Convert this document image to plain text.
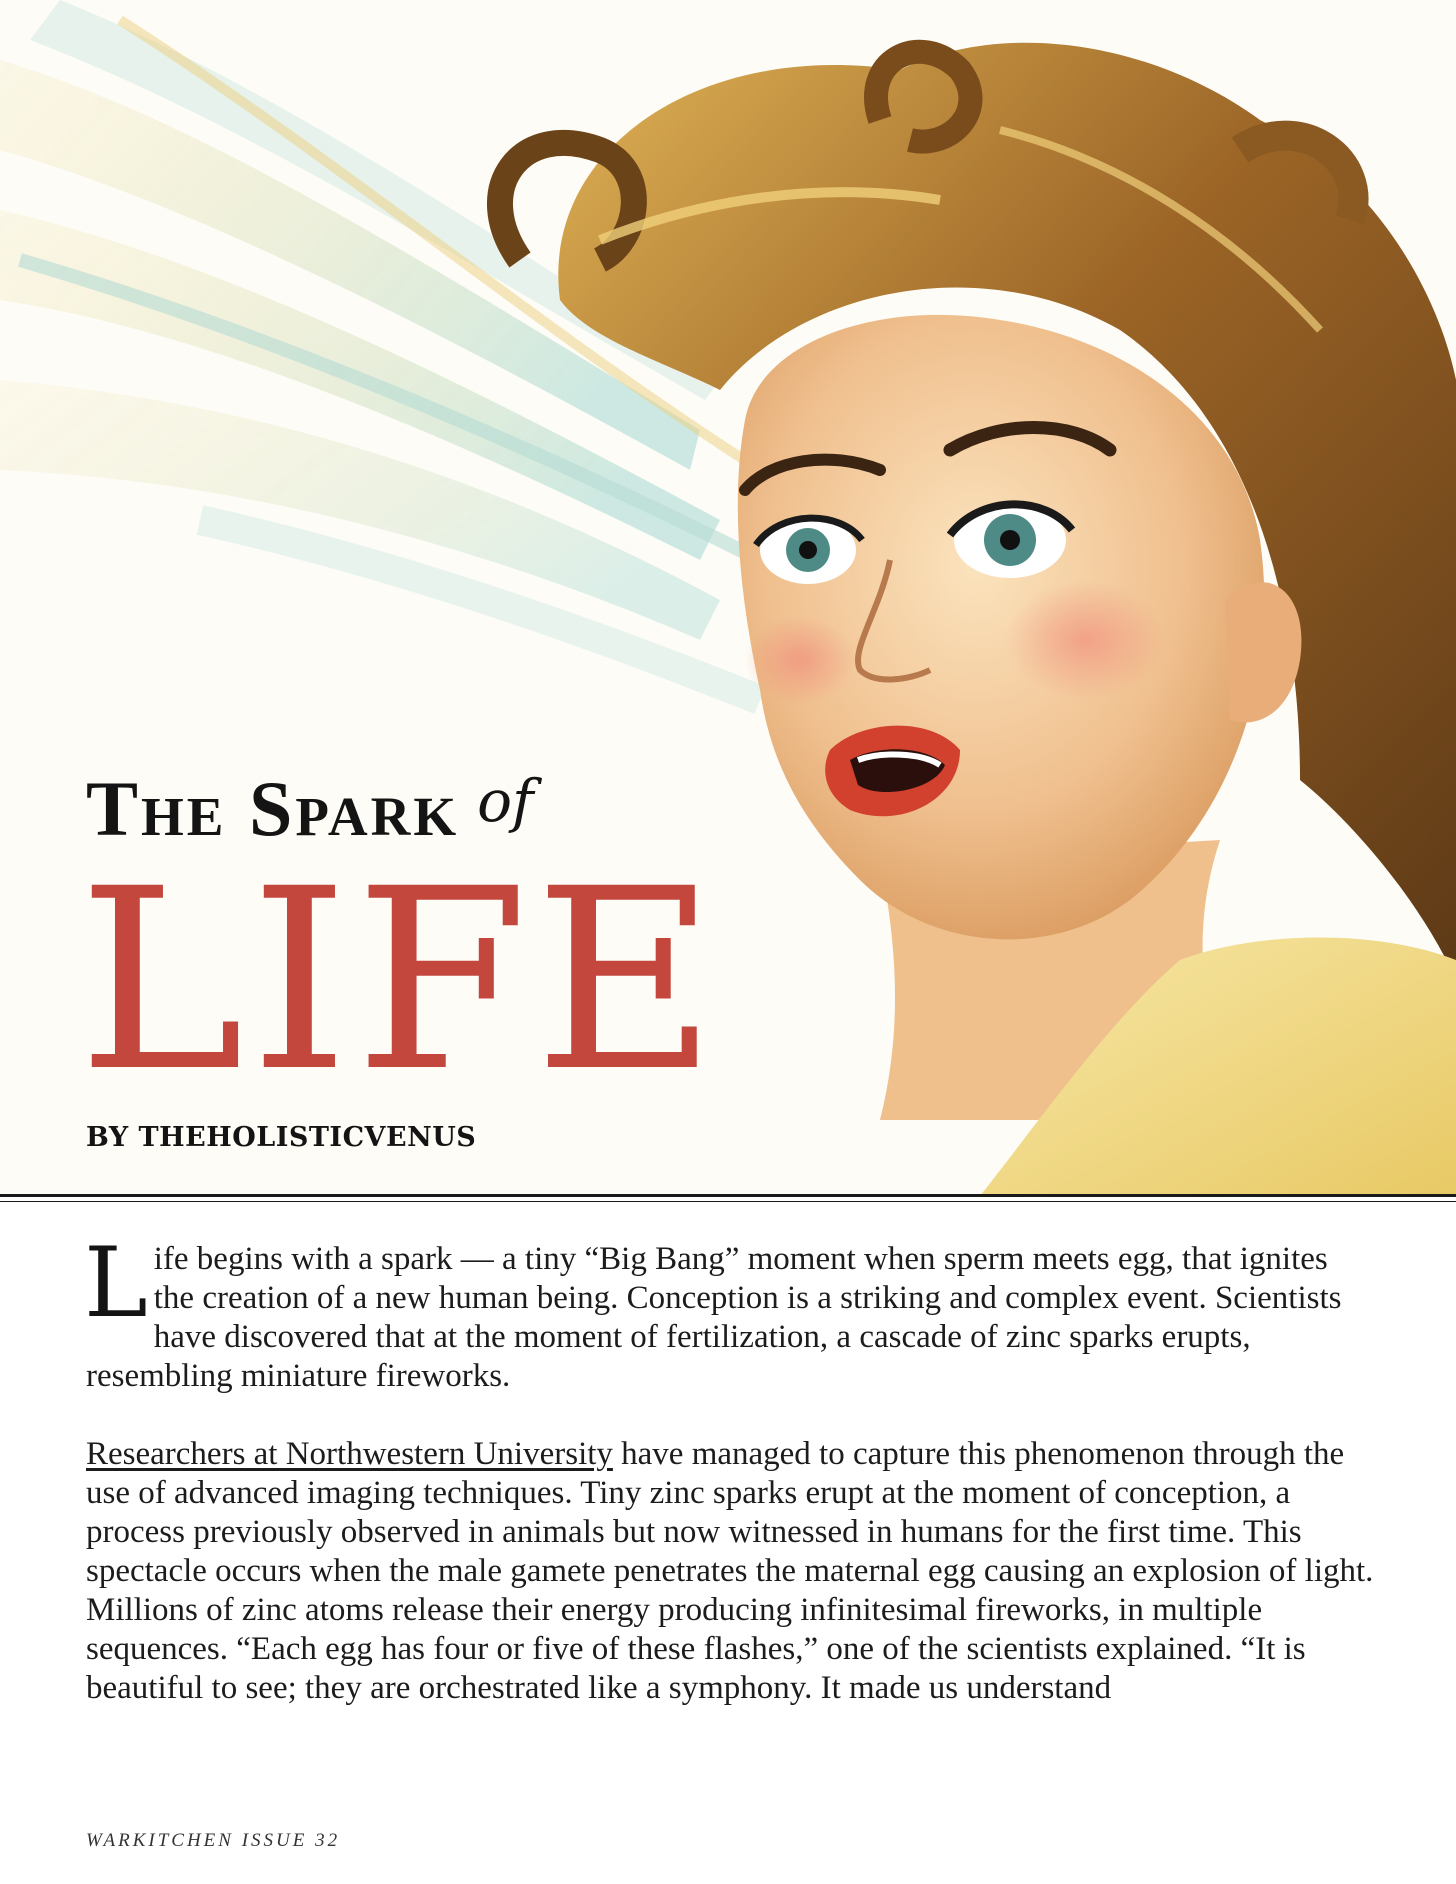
The Spark of
LIFE
BY THEHOLISTICVENUS

Life begins with a spark — a tiny “Big Bang” moment when sperm meets egg, that ignites the creation of a new human being. Conception is a striking and complex event. Scientists have discovered that at the moment of fertilization, a cascade of zinc sparks erupts, resembling miniature fireworks.

Researchers at Northwestern University have managed to capture this phenomenon through the use of advanced imaging techniques. Tiny zinc sparks erupt at the moment of conception, a process previously observed in animals but now witnessed in humans for the first time. This spectacle occurs when the male gamete penetrates the maternal egg causing an explosion of light. Millions of zinc atoms release their energy producing infinitesimal fireworks, in multiple sequences. “Each egg has four or five of these flashes,” one of the scientists explained. “It is beautiful to see; they are orchestrated like a symphony. It made us understand

WARKITCHEN ISSUE 32
